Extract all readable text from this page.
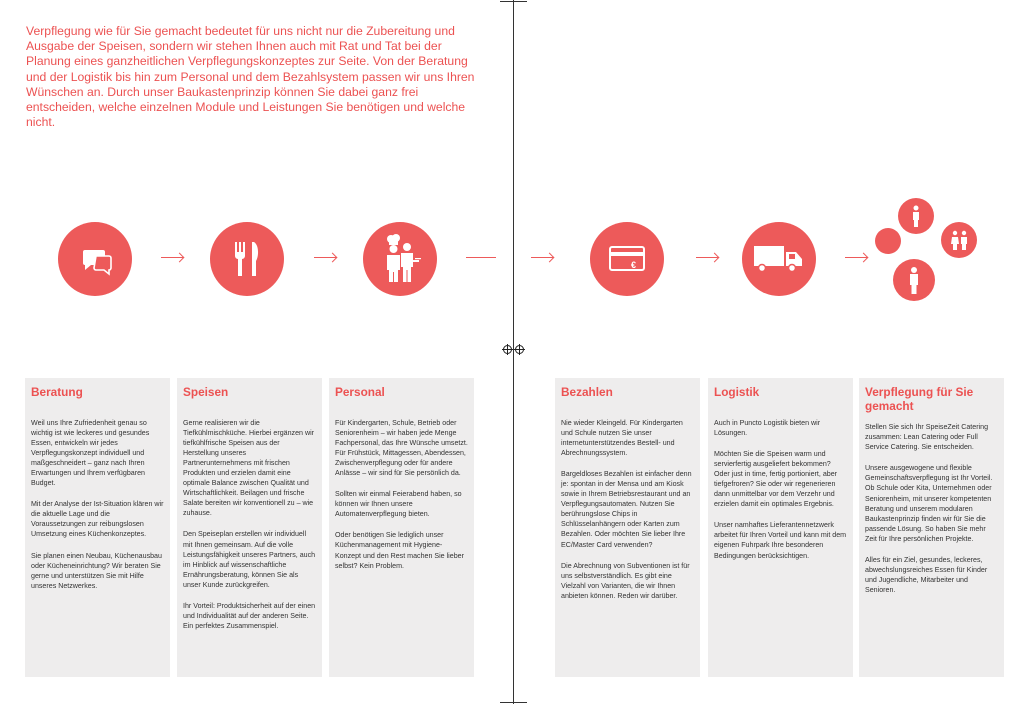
Verpflegung wie für Sie gemacht bedeutet für uns nicht nur die Zubereitung und Ausgabe der Speisen, sondern wir stehen Ihnen auch mit Rat und Tat bei der Planung eines ganzheitlichen Verpflegungskonzeptes zur Seite. Von der Beratung und der Logistik bis hin zum Personal und dem Bezahlsystem passen wir uns Ihren Wünschen an. Durch unser Baukastenprinzip können Sie dabei ganz frei entscheiden, welche einzelnen Module und Leistungen Sie benötigen und welche nicht.

€
Beratung

Weil uns Ihre Zufriedenheit genau so wichtig ist wie leckeres und gesundes Essen, entwickeln wir jedes Verpflegungskonzept individuell und maßgeschneidert – ganz nach Ihren Erwartungen und Ihrem verfügbaren Budget.

Mit der Analyse der Ist-Situation klären wir die aktuelle Lage und die Voraussetzungen zur reibungslosen Umsetzung eines Küchenkonzeptes.

Sie planen einen Neubau, Küchenausbau oder Kücheneinrichtung? Wir beraten Sie gerne und unterstützen Sie mit Hilfe unseres Netzwerkes.

Speisen

Gerne realisieren wir die Tiefkühlmischküche. Hierbei ergänzen wir tiefkühlfrische Speisen aus der Herstellung unseres Partnerunternehmens mit frischen Produkten und erzielen damit eine optimale Balance zwischen Qualität und Wirtschaftlichkeit. Beilagen und frische Salate bereiten wir konventionell zu – wie zuhause.

Den Speiseplan erstellen wir individuell mit Ihnen gemeinsam. Auf die volle Leistungsfähigkeit unseres Partners, auch im Hinblick auf wissenschaftliche Ernährungsberatung, können Sie als unser Kunde zurückgreifen.

Ihr Vorteil: Produktsicherheit auf der einen und Individualität auf der anderen Seite. Ein perfektes Zusammenspiel.

Personal

Für Kindergarten, Schule, Betrieb oder Seniorenheim – wir haben jede Menge Fachpersonal, das Ihre Wünsche umsetzt. Für Frühstück, Mittagessen, Abendessen, Zwischenverpflegung oder für andere Anlässe – wir sind für Sie persönlich da.

Sollten wir einmal Feierabend haben, so können wir Ihnen unsere Automatenverpflegung bieten.

Oder benötigen Sie lediglich unser Küchenmanagement mit Hygiene-Konzept und den Rest machen Sie lieber selbst? Kein Problem.

Bezahlen

Nie wieder Kleingeld. Für Kindergarten und Schule nutzen Sie unser internetunterstützendes Bestell- und Abrechnungssystem.

Bargeldloses Bezahlen ist einfacher denn je: spontan in der Mensa und am Kiosk sowie in Ihrem Betriebsrestaurant und an Verpflegungsautomaten. Nutzen Sie berührungslose Chips in Schlüsselanhängern oder Karten zum Bezahlen. Oder möchten Sie lieber Ihre EC/Master Card verwenden?

Die Abrechnung von Subventionen ist für uns selbstverständlich. Es gibt eine Vielzahl von Varianten, die wir Ihnen anbieten können. Reden wir darüber.

Logistik

Auch in Puncto Logistik bieten wir Lösungen.

Möchten Sie die Speisen warm und servierfertig ausgeliefert bekommen? Oder just in time, fertig portioniert, aber tiefgefroren? Sie oder wir regenerieren dann unmittelbar vor dem Verzehr und erzielen damit ein optimales Ergebnis.

Unser namhaftes Lieferantennetzwerk arbeitet für Ihren Vorteil und kann mit dem eigenen Fuhrpark Ihre besonderen Bedingungen berücksichtigen.

Verpflegung für Sie gemacht

Stellen Sie sich Ihr SpeiseZeit Catering zusammen: Lean Catering oder Full Service Catering. Sie entscheiden.

Unsere ausgewogene und flexible Gemeinschaftsverpflegung ist Ihr Vorteil. Ob Schule oder Kita, Unternehmen oder Seniorenheim, mit unserer kompetenten Beratung und unserem modularen Baukastenprinzip finden wir für Sie die passende Lösung. So haben Sie mehr Zeit für Ihre persönlichen Projekte.

Alles für ein Ziel, gesundes, leckeres, abwechslungsreiches Essen für Kinder und Jugendliche, Mitarbeiter und Senioren.
